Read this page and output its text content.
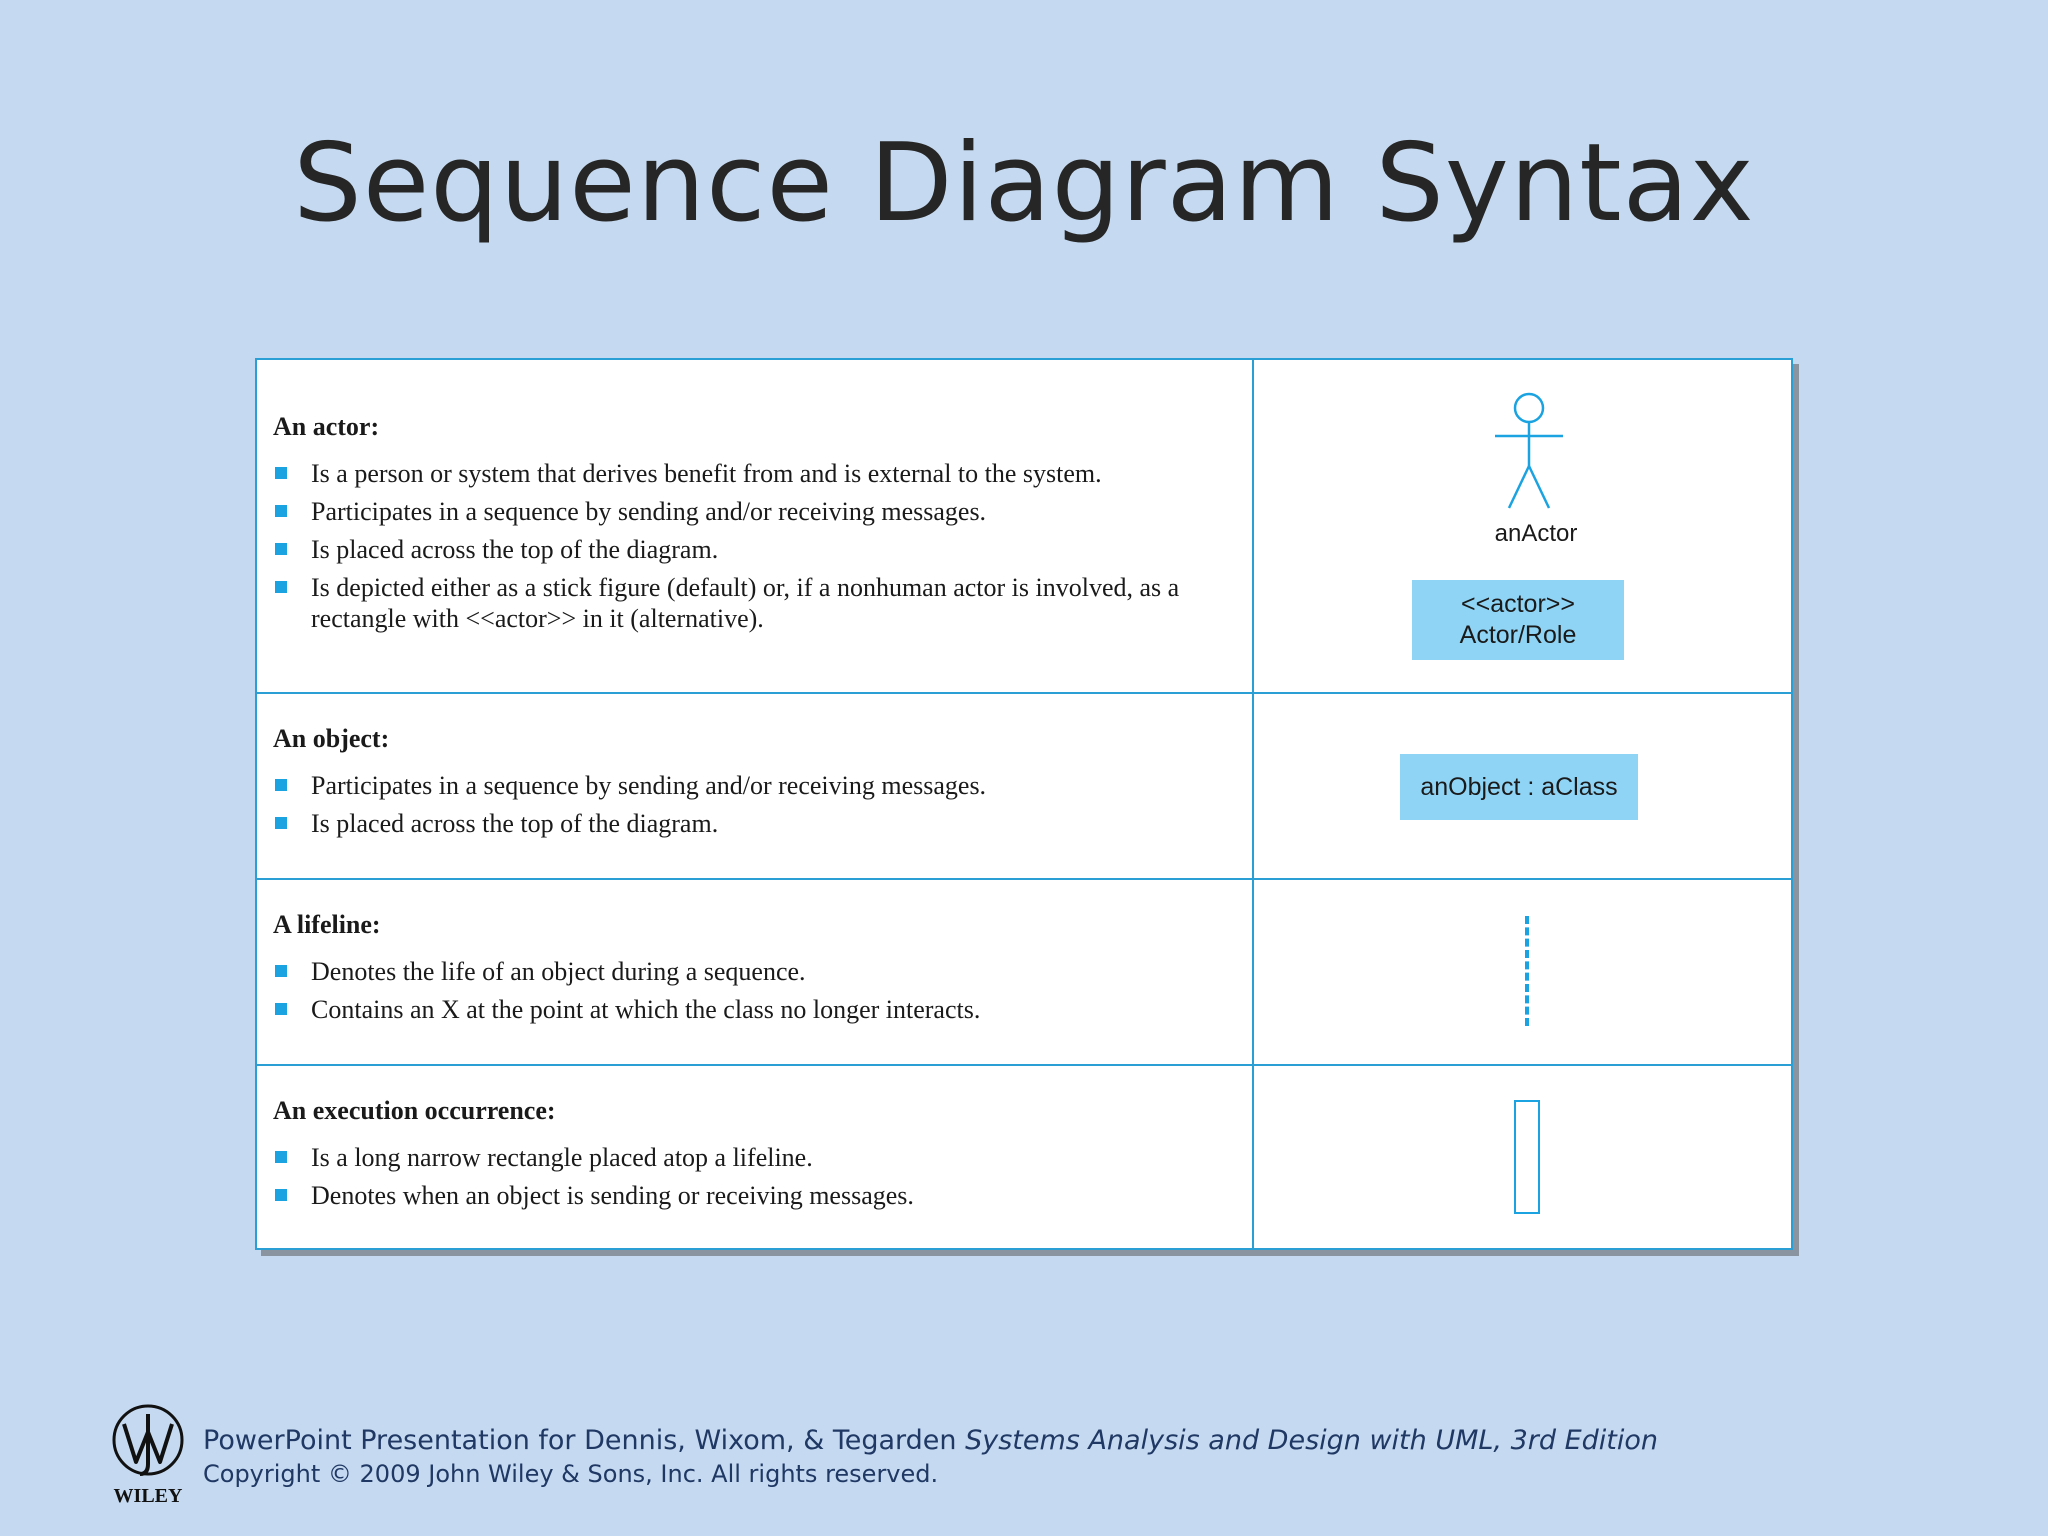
Sequence Diagram Syntax
An actor:
Is a person or system that derives benefit from and is external to the system.
Participates in a sequence by sending and/or receiving messages.
Is placed across the top of the diagram.
Is depicted either as a stick figure (default) or, if a nonhuman actor is involved, as a rectangle with <<actor>> in it (alternative).
anActor
<<actor>>
Actor/Role
An object:
Participates in a sequence by sending and/or receiving messages.
Is placed across the top of the diagram.
anObject : aClass
A lifeline:
Denotes the life of an object during a sequence.
Contains an X at the point at which the class no longer interacts.
An execution occurrence:
Is a long narrow rectangle placed atop a lifeline.
Denotes when an object is sending or receiving messages.
WILEY
PowerPoint Presentation for Dennis, Wixom, & Tegarden Systems Analysis and Design with UML, 3rd Edition
Copyright © 2009 John Wiley & Sons, Inc. All rights reserved.
